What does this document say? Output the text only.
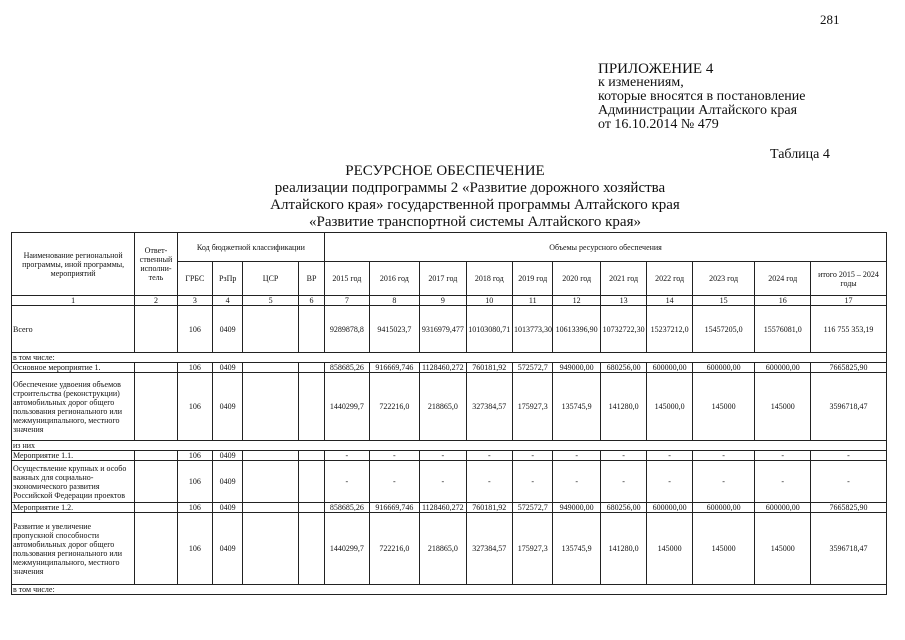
281
ПРИЛОЖЕНИЕ 4
к изменениям,
которые вносятся в постановление
Администрации Алтайского края
от 16.10.2014 № 479
Таблица 4
РЕСУРСНОЕ ОБЕСПЕЧЕНИЕ
реализации подпрограммы 2 «Развитие дорожного хозяйства
Алтайского края» государственной программы Алтайского края
«Развитие транспортной системы Алтайского края»
Наименование региональной программы, иной программы, мероприятий	Ответ-ственный исполни-тель	Код бюджетной классификации				Объемы ресурсного обеспечения										
		ГРБС	РзПр	ЦСР	ВР	2015 год	2016 год	2017 год	2018 год	2019 год	2020 год	2021 год	2022 год	2023 год	2024 год	итого 2015 – 2024 годы
1	2	3	4	5	6	7	8	9	10	11	12	13	14	15	16	17
Всего		106	0409			9289878,8	9415023,7	9316979,477	10103080,71	1013773,30	10613396,90	10732722,30	15237212,0	15457205,0	15576081,0	116 755 353,19
в том числе:																
Основное мероприятие 1.		106	0409			858685,26	916669,746	1128460,272	760181,92	572572,7	949000,00	680256,00	600000,00	600000,00	600000,00	7665825,90
Обеспечение удвоения объемов строительства (реконструкции) автомобильных дорог общего пользования регионального или межмуниципального, местного значения		106	0409			1440299,7	722216,0	218865,0	327384,57	175927,3	135745,9	141280,0	145000,0	145000	145000	3596718,47
из них																
Мероприятие 1.1.		106	0409			-	-	-	-	-	-	-	-	-	-	-
Осуществление крупных и особо важных для социально-экономического развития Российской Федерации проектов		106	0409			-	-	-	-	-	-	-	-	-	-	-
Мероприятие 1.2.		106	0409			858685,26	916669,746	1128460,272	760181,92	572572,7	949000,00	680256,00	600000,00	600000,00	600000,00	7665825,90
Развитие и увеличение пропускной способности автомобильных дорог общего пользования регионального или межмуниципального, местного значения		106	0409			1440299,7	722216,0	218865,0	327384,57	175927,3	135745,9	141280,0	145000	145000	145000	3596718,47
в том числе:																
